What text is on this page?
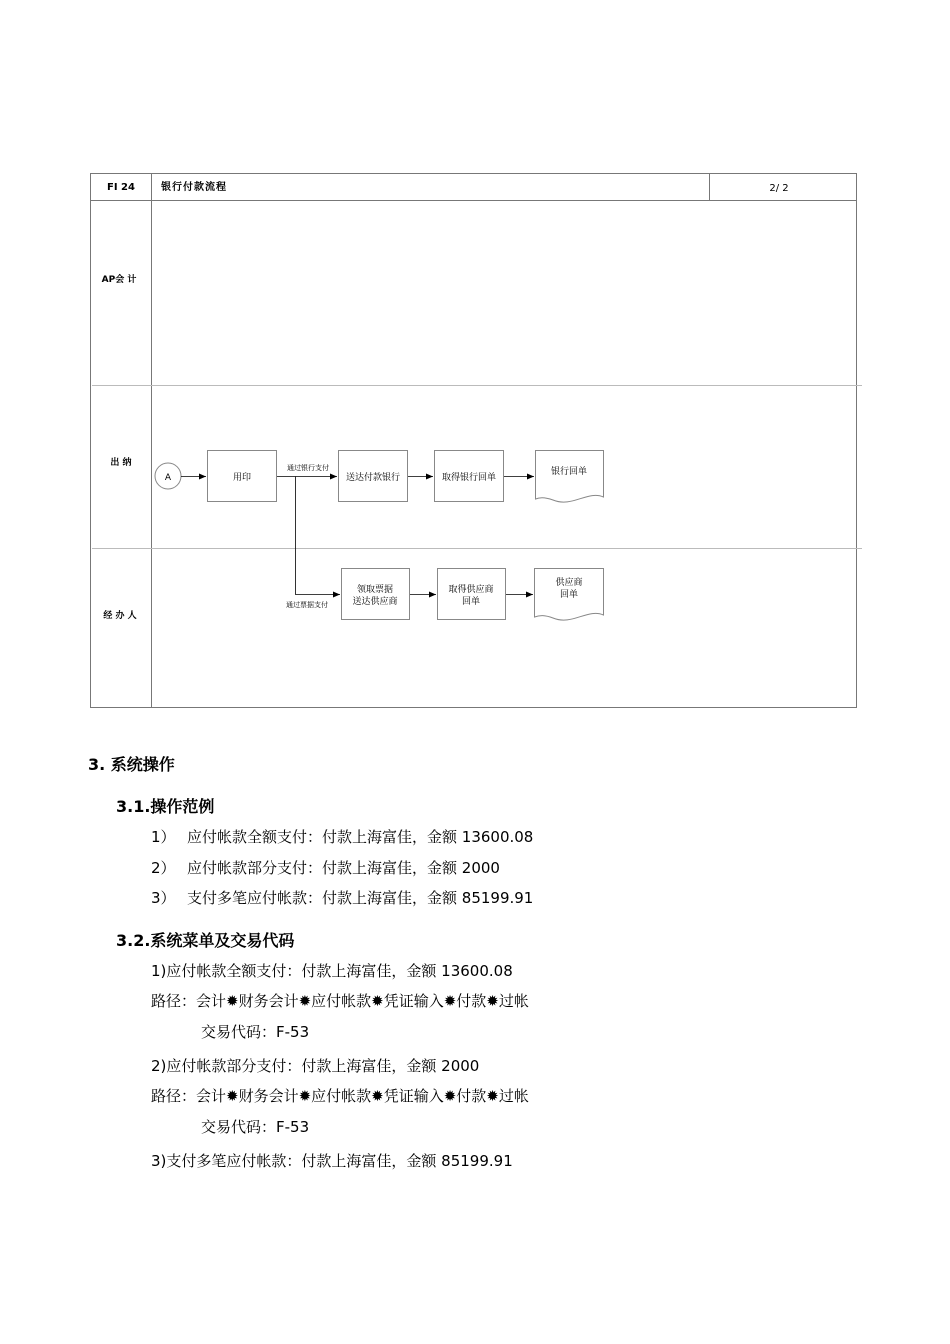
FI 24	银行付款流程	2/ 2
AP会 计
出 纳
经 办 人
A	用印	送达付款银行	取得银行回单
银行回单
领取票据
送达供应商
取得供应商
回单
供应商
回单
通过银行支付
通过票据支付
3. 系统操作
3.1.操作范例
1） 应付帐款全额支付：付款上海富佳，金额 13600.08
2） 应付帐款部分支付：付款上海富佳，金额 2000
3） 支付多笔应付帐款：付款上海富佳，金额 85199.91
3.2.系统菜单及交易代码
1)应付帐款全额支付：付款上海富佳，金额 13600.08
路径：会计✹财务会计✹应付帐款✹凭证输入✹付款✹过帐
交易代码：F-53
2)应付帐款部分支付：付款上海富佳，金额 2000
路径：会计✹财务会计✹应付帐款✹凭证输入✹付款✹过帐
交易代码：F-53
3)支付多笔应付帐款：付款上海富佳，金额 85199.91
